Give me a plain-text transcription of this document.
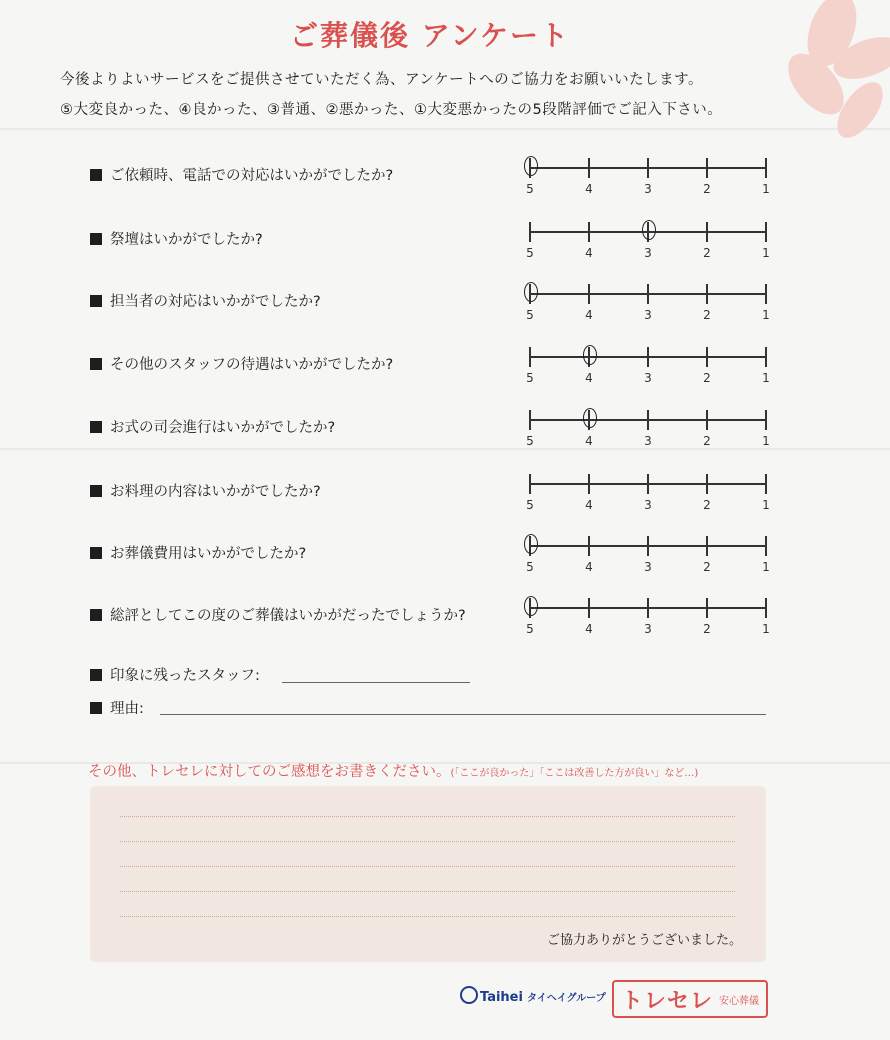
ご葬儀後 アンケート
今後よりよいサービスをご提供させていただく為、アンケートへのご協力をお願いいたします。
⑤大変良かった、④良かった、③普通、②悪かった、①大変悪かったの5段階評価でご記入下さい。
ご依頼時、電話での対応はいかがでしたか?
5	4	3	2	1
祭壇はいかがでしたか?
5	4	3	2	1
担当者の対応はいかがでしたか?
5	4	3	2	1
その他のスタッフの待遇はいかがでしたか?
5	4	3	2	1
お式の司会進行はいかがでしたか?
5	4	3	2	1
お料理の内容はいかがでしたか?
5	4	3	2	1
お葬儀費用はいかがでしたか?
5	4	3	2	1
総評としてこの度のご葬儀はいかがだったでしょうか?
5	4	3	2	1
印象に残ったスタッフ:
理由:
その他、トレセレに対してのご感想をお書きください。(「ここが良かった」「ここは改善した方が良い」など…)
ご協力ありがとうございました。
Taihei タイヘイグループ トレセレ 安心葬儀
